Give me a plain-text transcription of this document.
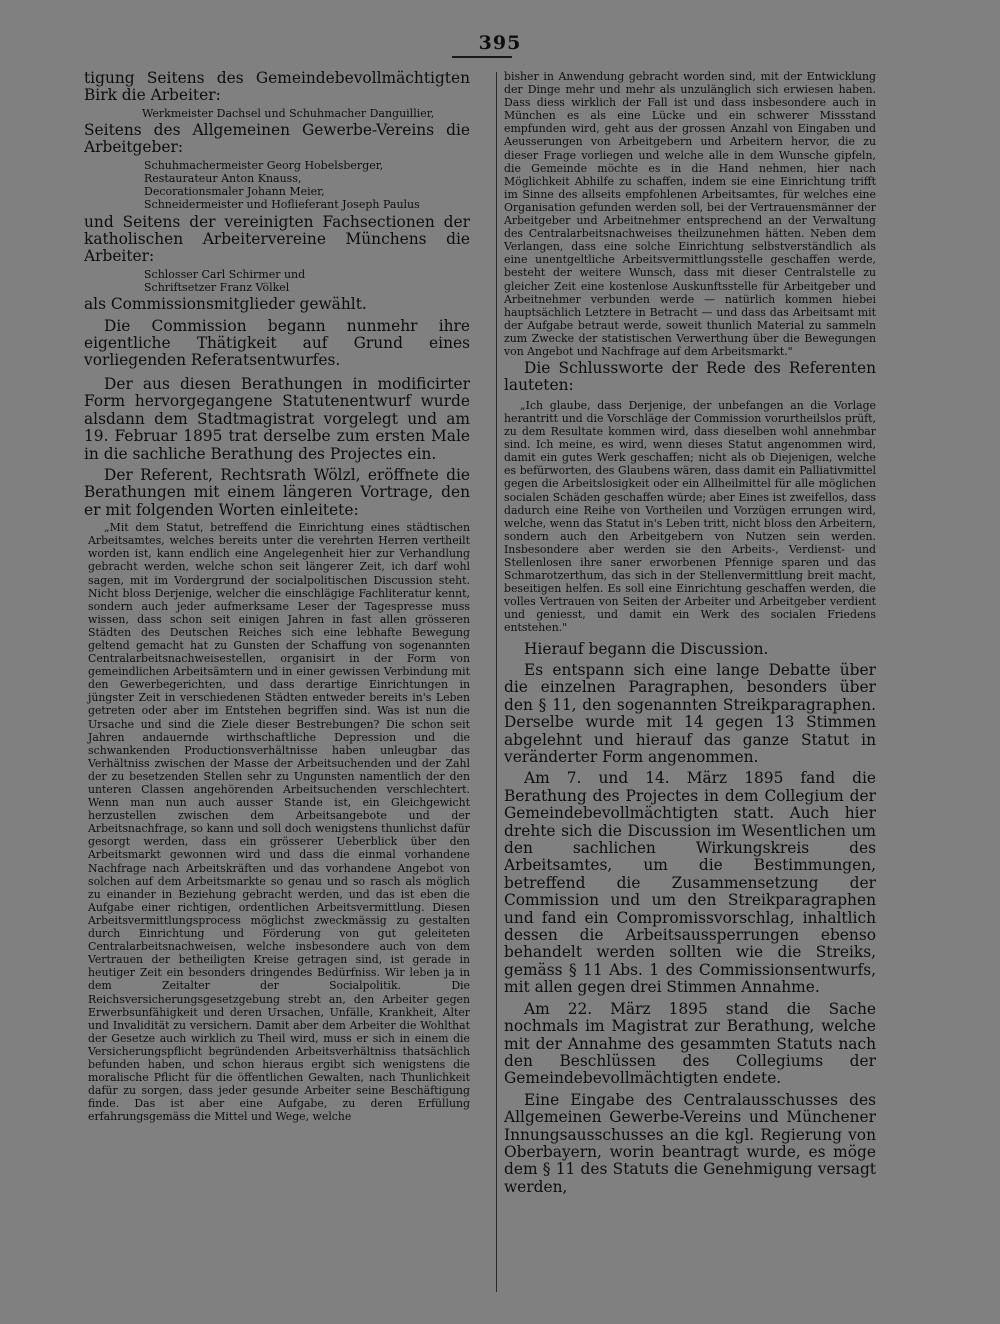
395

tigung Seitens des Gemeindebevollmächtigten Birk die Arbeiter:

Werkmeister Dachsel und Schuhmacher Danguillier,

Seitens des Allgemeinen Gewerbe-Vereins die Arbeitgeber:

Schuhmachermeister Georg Hobelsberger,
Restaurateur Anton Knauss,
Decorationsmaler Johann Meier,
Schneidermeister und Hoflieferant Joseph Paulus

und Seitens der vereinigten Fachsectionen der katholischen Arbeitervereine Münchens die Arbeiter:

Schlosser Carl Schirmer und
Schriftsetzer Franz Völkel

als Commissionsmitglieder gewählt.

Die Commission begann nunmehr ihre eigentliche Thätigkeit auf Grund eines vorliegenden Referatsentwurfes.

Der aus diesen Berathungen in modificirter Form hervorgegangene Statutenentwurf wurde alsdann dem Stadtmagistrat vorgelegt und am 19. Februar 1895 trat derselbe zum ersten Male in die sachliche Berathung des Projectes ein.

Der Referent, Rechtsrath Wölzl, eröffnete die Berathungen mit einem längeren Vortrage, den er mit folgenden Worten einleitete:

„Mit dem Statut, betreffend die Einrichtung eines städtischen Arbeitsamtes, welches bereits unter die verehrten Herren vertheilt worden ist, kann endlich eine Angelegenheit hier zur Verhandlung gebracht werden, welche schon seit längerer Zeit, ich darf wohl sagen, mit im Vordergrund der socialpolitischen Discussion steht. Nicht bloss Derjenige, welcher die einschlägige Fachliteratur kennt, sondern auch jeder aufmerksame Leser der Tagespresse muss wissen, dass schon seit einigen Jahren in fast allen grösseren Städten des Deutschen Reiches sich eine lebhafte Bewegung geltend gemacht hat zu Gunsten der Schaffung von sogenannten Centralarbeitsnachweisestellen, organisirt in der Form von gemeindlichen Arbeitsämtern und in einer gewissen Verbindung mit den Gewerbegerichten, und dass derartige Einrichtungen in jüngster Zeit in verschiedenen Städten entweder bereits in's Leben getreten oder aber im Entstehen begriffen sind. Was ist nun die Ursache und sind die Ziele dieser Bestrebungen? Die schon seit Jahren andauernde wirthschaftliche Depression und die schwankenden Productionsverhältnisse haben unleugbar das Verhältniss zwischen der Masse der Arbeitsuchenden und der Zahl der zu besetzenden Stellen sehr zu Ungunsten namentlich der den unteren Classen angehörenden Arbeitsuchenden verschlechtert. Wenn man nun auch ausser Stande ist, ein Gleichgewicht herzustellen zwischen dem Arbeitsangebote und der Arbeitsnachfrage, so kann und soll doch wenigstens thunlichst dafür gesorgt werden, dass ein grösserer Ueberblick über den Arbeitsmarkt gewonnen wird und dass die einmal vorhandene Nachfrage nach Arbeitskräften und das vorhandene Angebot von solchen auf dem Arbeitsmarkte so genau und so rasch als möglich zu einander in Beziehung gebracht werden, und das ist eben die Aufgabe einer richtigen, ordentlichen Arbeitsvermittlung. Diesen Arbeitsvermittlungsprocess möglichst zweckmässig zu gestalten durch Einrichtung und Förderung von gut geleiteten Centralarbeitsnachweisen, welche insbesondere auch von dem Vertrauen der betheiligten Kreise getragen sind, ist gerade in heutiger Zeit ein besonders dringendes Bedürfniss. Wir leben ja in dem Zeitalter der Socialpolitik. Die Reichsversicherungsgesetzgebung strebt an, den Arbeiter gegen Erwerbsunfähigkeit und deren Ursachen, Unfälle, Krankheit, Alter und Invalidität zu versichern. Damit aber dem Arbeiter die Wohlthat der Gesetze auch wirklich zu Theil wird, muss er sich in einem die Versicherungspflicht begründenden Arbeitsverhältniss thatsächlich befunden haben, und schon hieraus ergibt sich wenigstens die moralische Pflicht für die öffentlichen Gewalten, nach Thunlichkeit dafür zu sorgen, dass jeder gesunde Arbeiter seine Beschäftigung finde. Das ist aber eine Aufgabe, zu deren Erfüllung erfahrungsgemäss die Mittel und Wege, welche

bisher in Anwendung gebracht worden sind, mit der Entwicklung der Dinge mehr und mehr als unzulänglich sich erwiesen haben. Dass diess wirklich der Fall ist und dass insbesondere auch in München es als eine Lücke und ein schwerer Missstand empfunden wird, geht aus der grossen Anzahl von Eingaben und Aeusserungen von Arbeitgebern und Arbeitern hervor, die zu dieser Frage vorliegen und welche alle in dem Wunsche gipfeln, die Gemeinde möchte es in die Hand nehmen, hier nach Möglichkeit Abhilfe zu schaffen, indem sie eine Einrichtung trifft im Sinne des allseits empfohlenen Arbeitsamtes, für welches eine Organisation gefunden werden soll, bei der Vertrauensmänner der Arbeitgeber und Arbeitnehmer entsprechend an der Verwaltung des Centralarbeitsnachweises theilzunehmen hätten. Neben dem Verlangen, dass eine solche Einrichtung selbstverständlich als eine unentgeltliche Arbeitsvermittlungsstelle geschaffen werde, besteht der weitere Wunsch, dass mit dieser Centralstelle zu gleicher Zeit eine kostenlose Auskunftsstelle für Arbeitgeber und Arbeitnehmer verbunden werde — natürlich kommen hiebei hauptsächlich Letztere in Betracht — und dass das Arbeitsamt mit der Aufgabe betraut werde, soweit thunlich Material zu sammeln zum Zwecke der statistischen Verwerthung über die Bewegungen von Angebot und Nachfrage auf dem Arbeitsmarkt."

Die Schlussworte der Rede des Referenten lauteten:

„Ich glaube, dass Derjenige, der unbefangen an die Vorlage herantritt und die Vorschläge der Commission vorurtheilslos prüft, zu dem Resultate kommen wird, dass dieselben wohl annehmbar sind. Ich meine, es wird, wenn dieses Statut angenommen wird, damit ein gutes Werk geschaffen; nicht als ob Diejenigen, welche es befürworten, des Glaubens wären, dass damit ein Palliativmittel gegen die Arbeitslosigkeit oder ein Allheilmittel für alle möglichen socialen Schäden geschaffen würde; aber Eines ist zweifellos, dass dadurch eine Reihe von Vortheilen und Vorzügen errungen wird, welche, wenn das Statut in's Leben tritt, nicht bloss den Arbeitern, sondern auch den Arbeitgebern von Nutzen sein werden. Insbesondere aber werden sie den Arbeits-, Verdienst- und Stellenlosen ihre saner erworbenen Pfennige sparen und das Schmarotzerthum, das sich in der Stellenvermittlung breit macht, beseitigen helfen. Es soll eine Einrichtung geschaffen werden, die volles Vertrauen von Seiten der Arbeiter und Arbeitgeber verdient und geniesst, und damit ein Werk des socialen Friedens entstehen."

Hierauf begann die Discussion.

Es entspann sich eine lange Debatte über die einzelnen Paragraphen, besonders über den § 11, den sogenannten Streikparagraphen. Derselbe wurde mit 14 gegen 13 Stimmen abgelehnt und hierauf das ganze Statut in veränderter Form angenommen.

Am 7. und 14. März 1895 fand die Berathung des Projectes in dem Collegium der Gemeindebevollmächtigten statt. Auch hier drehte sich die Discussion im Wesentlichen um den sachlichen Wirkungskreis des Arbeitsamtes, um die Bestimmungen, betreffend die Zusammensetzung der Commission und um den Streikparagraphen und fand ein Compromissvorschlag, inhaltlich dessen die Arbeitsaussperrungen ebenso behandelt werden sollten wie die Streiks, gemäss § 11 Abs. 1 des Commissionsentwurfs, mit allen gegen drei Stimmen Annahme.

Am 22. März 1895 stand die Sache nochmals im Magistrat zur Berathung, welche mit der Annahme des gesammten Statuts nach den Beschlüssen des Collegiums der Gemeindebevollmächtigten endete.

Eine Eingabe des Centralausschusses des Allgemeinen Gewerbe-Vereins und Münchener Innungsausschusses an die kgl. Regierung von Oberbayern, worin beantragt wurde, es möge dem § 11 des Statuts die Genehmigung versagt werden,
